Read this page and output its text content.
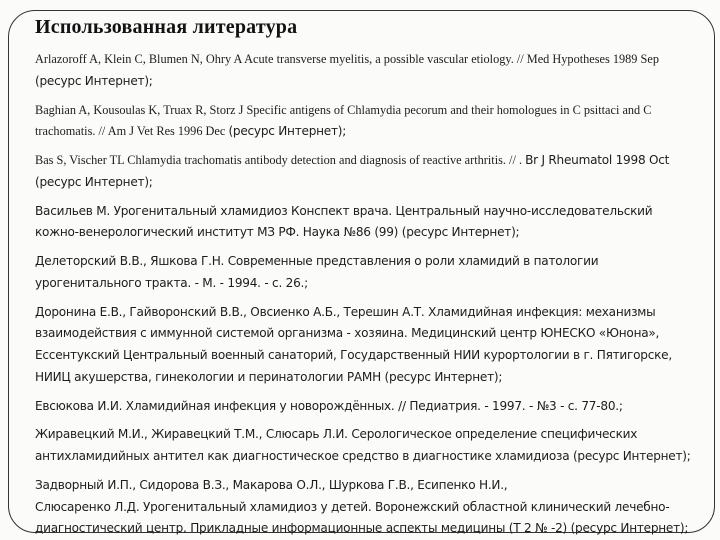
Использованная литература

Arlazoroff A, Klein C, Blumen N, Ohry A Acute transverse myelitis, a possible vascular etiology. // Med Hypotheses 1989 Sep (ресурс Интернет);

Baghian A, Kousoulas K, Truax R, Storz J Specific antigens of Chlamydia pecorum and their homologues in C psittaci and C trachomatis. // Am J Vet Res 1996 Dec (ресурс Интернет);

Bas S, Vischer TL Chlamydia trachomatis antibody detection and diagnosis of reactive arthritis. // . Br J Rheumatol 1998 Oct (ресурс Интернет);

Васильев М. Урогенитальный хламидиоз Конспект врача. Центральный научно-исследовательский кожно-венерологический институт МЗ РФ. Наука №86 (99) (ресурс Интернет);

Делеторский В.В., Яшкова Г.Н. Современные представления о роли хламидий в патологии урогенитального тракта. - М. - 1994. - с. 26.;

Доронина Е.В., Гайворонский В.В., Овсиенко А.Б., Терешин А.Т. Хламидийная инфекция: механизмы взаимодействия с иммунной системой организма - хозяина. Медицинский центр ЮНЕСКО «Юнона», Ессентукский Центральный военный санаторий, Государственный НИИ курортологии в г. Пятигорске, НИИЦ акушерства, гинекологии и перинатологии РАМН (ресурс Интернет);

Евсюкова И.И. Хламидийная инфекция у новорождённых. // Педиатрия. - 1997. - №3 - с. 77-80.;

Жиравецкий М.И., Жиравецкий Т.М., Слюсарь Л.И. Серологическое определение специфических антихламидийных антител как диагностическое средство в диагностике хламидиоза (ресурс Интернет);

Задворный И.П., Сидорова В.З., Макарова О.Л., Шуркова Г.В., Есипенко Н.И.,
Слюсаренко Л.Д. Урогенитальный хламидиоз у детей. Воронежский областной клинический лечебно-диагностический центр. Прикладные информационные аспекты медицины (Т 2 № -2) (ресурс Интернет);
